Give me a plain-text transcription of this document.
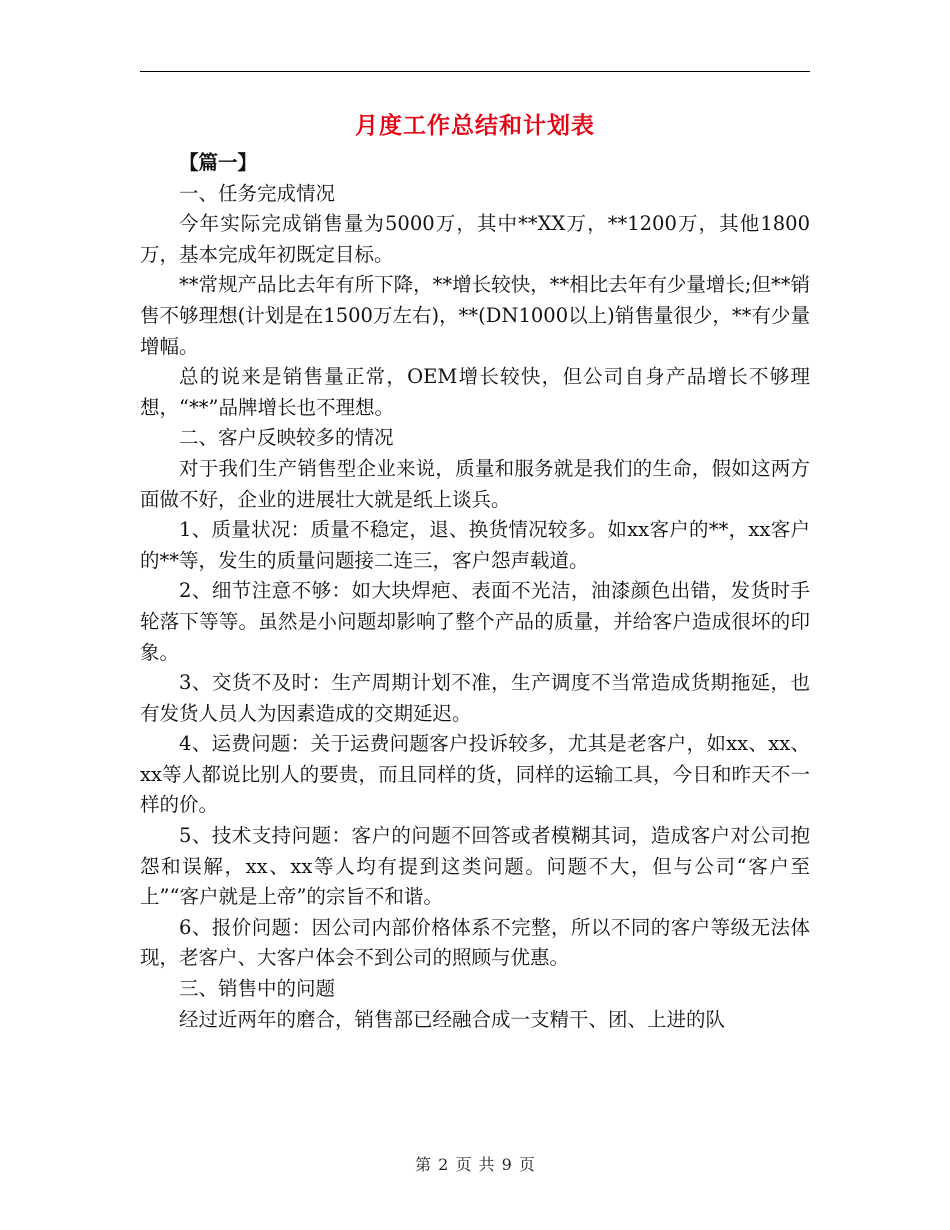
月度工作总结和计划表

【篇一】

一、任务完成情况

今年实际完成销售量为5000万，其中**XX万，**1200万，其他1800万，基本完成年初既定目标。

**常规产品比去年有所下降，**增长较快，**相比去年有少量增长;但**销售不够理想(计划是在1500万左右)，**(DN1000以上)销售量很少，**有少量增幅。

总的说来是销售量正常，OEM增长较快，但公司自身产品增长不够理想，“**”品牌增长也不理想。

二、客户反映较多的情况

对于我们生产销售型企业来说，质量和服务就是我们的生命，假如这两方面做不好，企业的进展壮大就是纸上谈兵。

1、质量状况：质量不稳定，退、换货情况较多。如xx客户的**，xx客户的**等，发生的质量问题接二连三，客户怨声载道。

2、细节注意不够：如大块焊疤、表面不光洁，油漆颜色出错，发货时手轮落下等等。虽然是小问题却影响了整个产品的质量，并给客户造成很坏的印象。

3、交货不及时：生产周期计划不准，生产调度不当常造成货期拖延，也有发货人员人为因素造成的交期延迟。

4、运费问题：关于运费问题客户投诉较多，尤其是老客户，如xx、xx、xx等人都说比别人的要贵，而且同样的货，同样的运输工具，今日和昨天不一样的价。

5、技术支持问题：客户的问题不回答或者模糊其词，造成客户对公司抱怨和误解，xx、xx等人均有提到这类问题。问题不大，但与公司“客户至上”“客户就是上帝”的宗旨不和谐。

6、报价问题：因公司内部价格体系不完整，所以不同的客户等级无法体现，老客户、大客户体会不到公司的照顾与优惠。

三、销售中的问题

经过近两年的磨合，销售部已经融合成一支精干、团、上进的队

第 2 页 共 9 页
